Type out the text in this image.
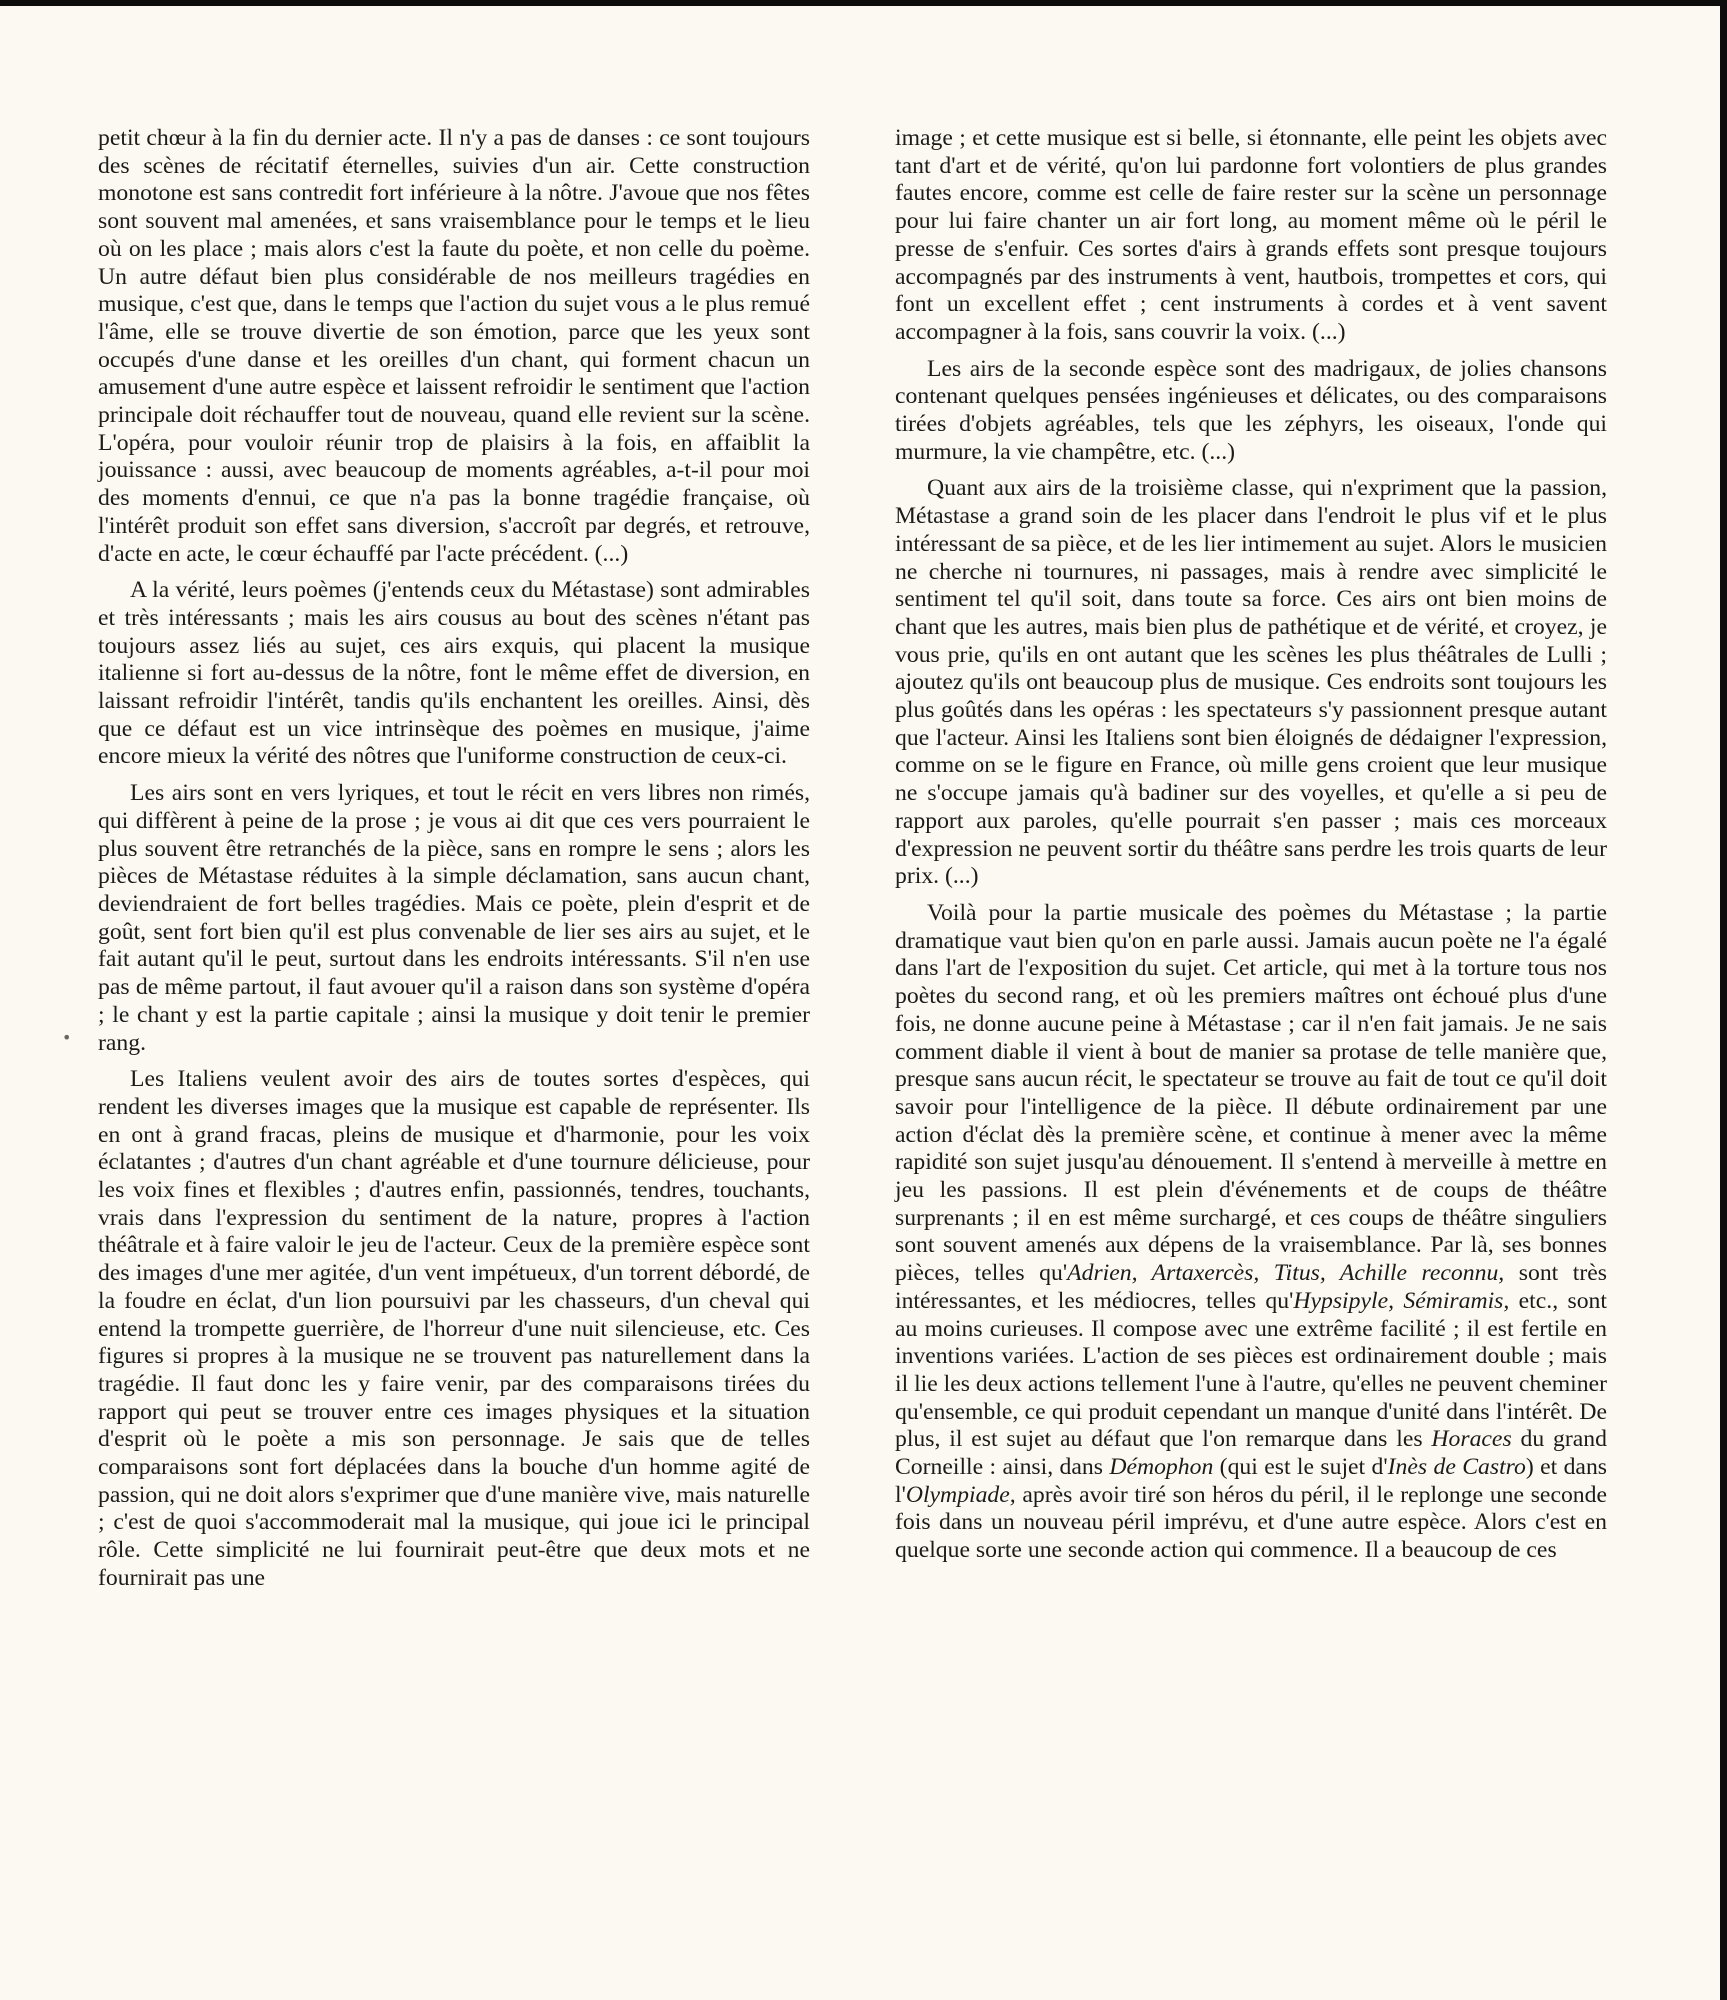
•

petit chœur à la fin du dernier acte. Il n'y a pas de danses : ce sont toujours des scènes de récitatif éternelles, suivies d'un air. Cette construction monotone est sans contredit fort inférieure à la nôtre. J'avoue que nos fêtes sont souvent mal amenées, et sans vraisemblance pour le temps et le lieu où on les place ; mais alors c'est la faute du poète, et non celle du poème. Un autre défaut bien plus considérable de nos meilleurs tragédies en musique, c'est que, dans le temps que l'action du sujet vous a le plus remué l'âme, elle se trouve divertie de son émotion, parce que les yeux sont occupés d'une danse et les oreilles d'un chant, qui forment chacun un amusement d'une autre espèce et laissent refroidir le sentiment que l'action principale doit réchauffer tout de nouveau, quand elle revient sur la scène. L'opéra, pour vouloir réunir trop de plaisirs à la fois, en affaiblit la jouissance : aussi, avec beaucoup de moments agréables, a-t-il pour moi des moments d'ennui, ce que n'a pas la bonne tragédie française, où l'intérêt produit son effet sans diversion, s'accroît par degrés, et retrouve, d'acte en acte, le cœur échauffé par l'acte précédent. (...)

A la vérité, leurs poèmes (j'entends ceux du Métastase) sont admirables et très intéressants ; mais les airs cousus au bout des scènes n'étant pas toujours assez liés au sujet, ces airs exquis, qui placent la musique italienne si fort au-dessus de la nôtre, font le même effet de diversion, en laissant refroidir l'intérêt, tandis qu'ils enchantent les oreilles. Ainsi, dès que ce défaut est un vice intrinsèque des poèmes en musique, j'aime encore mieux la vérité des nôtres que l'uniforme construction de ceux-ci.

Les airs sont en vers lyriques, et tout le récit en vers libres non rimés, qui diffèrent à peine de la prose ; je vous ai dit que ces vers pourraient le plus souvent être retranchés de la pièce, sans en rompre le sens ; alors les pièces de Métastase réduites à la simple déclamation, sans aucun chant, deviendraient de fort belles tragédies. Mais ce poète, plein d'esprit et de goût, sent fort bien qu'il est plus convenable de lier ses airs au sujet, et le fait autant qu'il le peut, surtout dans les endroits intéressants. S'il n'en use pas de même partout, il faut avouer qu'il a raison dans son système d'opéra ; le chant y est la partie capitale ; ainsi la musique y doit tenir le premier rang.

Les Italiens veulent avoir des airs de toutes sortes d'espèces, qui rendent les diverses images que la musique est capable de représenter. Ils en ont à grand fracas, pleins de musique et d'harmonie, pour les voix éclatantes ; d'autres d'un chant agréable et d'une tournure délicieuse, pour les voix fines et flexibles ; d'autres enfin, passionnés, tendres, touchants, vrais dans l'expression du sentiment de la nature, propres à l'action théâtrale et à faire valoir le jeu de l'acteur. Ceux de la première espèce sont des images d'une mer agitée, d'un vent impétueux, d'un torrent débordé, de la foudre en éclat, d'un lion poursuivi par les chasseurs, d'un cheval qui entend la trompette guerrière, de l'horreur d'une nuit silencieuse, etc. Ces figures si propres à la musique ne se trouvent pas naturellement dans la tragédie. Il faut donc les y faire venir, par des comparaisons tirées du rapport qui peut se trouver entre ces images physiques et la situation d'esprit où le poète a mis son personnage. Je sais que de telles comparaisons sont fort déplacées dans la bouche d'un homme agité de passion, qui ne doit alors s'exprimer que d'une manière vive, mais naturelle ; c'est de quoi s'accommoderait mal la musique, qui joue ici le principal rôle. Cette simplicité ne lui fournirait peut-être que deux mots et ne fournirait pas une

image ; et cette musique est si belle, si étonnante, elle peint les objets avec tant d'art et de vérité, qu'on lui pardonne fort volontiers de plus grandes fautes encore, comme est celle de faire rester sur la scène un personnage pour lui faire chanter un air fort long, au moment même où le péril le presse de s'enfuir. Ces sortes d'airs à grands effets sont presque toujours accompagnés par des instruments à vent, hautbois, trompettes et cors, qui font un excellent effet ; cent instruments à cordes et à vent savent accompagner à la fois, sans couvrir la voix. (...)

Les airs de la seconde espèce sont des madrigaux, de jolies chansons contenant quelques pensées ingénieuses et délicates, ou des comparaisons tirées d'objets agréables, tels que les zéphyrs, les oiseaux, l'onde qui murmure, la vie champêtre, etc. (...)

Quant aux airs de la troisième classe, qui n'expriment que la passion, Métastase a grand soin de les placer dans l'endroit le plus vif et le plus intéressant de sa pièce, et de les lier intimement au sujet. Alors le musicien ne cherche ni tournures, ni passages, mais à rendre avec simplicité le sentiment tel qu'il soit, dans toute sa force. Ces airs ont bien moins de chant que les autres, mais bien plus de pathétique et de vérité, et croyez, je vous prie, qu'ils en ont autant que les scènes les plus théâtrales de Lulli ; ajoutez qu'ils ont beaucoup plus de musique. Ces endroits sont toujours les plus goûtés dans les opéras : les spectateurs s'y passionnent presque autant que l'acteur. Ainsi les Italiens sont bien éloignés de dédaigner l'expression, comme on se le figure en France, où mille gens croient que leur musique ne s'occupe jamais qu'à badiner sur des voyelles, et qu'elle a si peu de rapport aux paroles, qu'elle pourrait s'en passer ; mais ces morceaux d'expression ne peuvent sortir du théâtre sans perdre les trois quarts de leur prix. (...)

Voilà pour la partie musicale des poèmes du Métastase ; la partie dramatique vaut bien qu'on en parle aussi. Jamais aucun poète ne l'a égalé dans l'art de l'exposition du sujet. Cet article, qui met à la torture tous nos poètes du second rang, et où les premiers maîtres ont échoué plus d'une fois, ne donne aucune peine à Métastase ; car il n'en fait jamais. Je ne sais comment diable il vient à bout de manier sa protase de telle manière que, presque sans aucun récit, le spectateur se trouve au fait de tout ce qu'il doit savoir pour l'intelligence de la pièce. Il débute ordinairement par une action d'éclat dès la première scène, et continue à mener avec la même rapidité son sujet jusqu'au dénouement. Il s'entend à merveille à mettre en jeu les passions. Il est plein d'événements et de coups de théâtre surprenants ; il en est même surchargé, et ces coups de théâtre singuliers sont souvent amenés aux dépens de la vraisemblance. Par là, ses bonnes pièces, telles qu'Adrien, Artaxercès, Titus, Achille reconnu, sont très intéressantes, et les médiocres, telles qu'Hypsipyle, Sémiramis, etc., sont au moins curieuses. Il compose avec une extrême facilité ; il est fertile en inventions variées. L'action de ses pièces est ordinairement double ; mais il lie les deux actions tellement l'une à l'autre, qu'elles ne peuvent cheminer qu'ensemble, ce qui produit cependant un manque d'unité dans l'intérêt. De plus, il est sujet au défaut que l'on remarque dans les Horaces du grand Corneille : ainsi, dans Démophon (qui est le sujet d'Inès de Castro) et dans l'Olympiade, après avoir tiré son héros du péril, il le replonge une seconde fois dans un nouveau péril imprévu, et d'une autre espèce. Alors c'est en quelque sorte une seconde action qui commence. Il a beaucoup de ces
